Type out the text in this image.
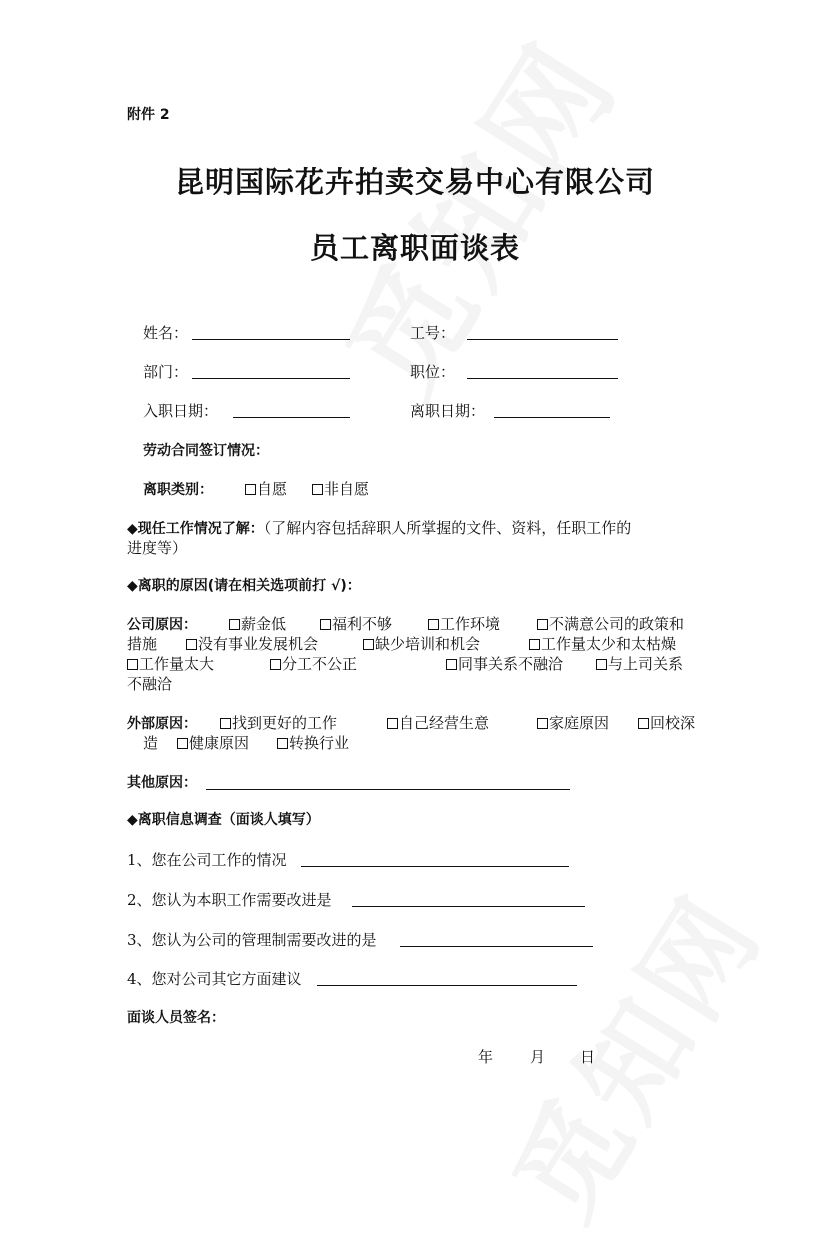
附件 2
昆明国际花卉拍卖交易中心有限公司
员工离职面谈表
姓名：	工号：
部门：	职位：
入职日期：	离职日期：
劳动合同签订情况：
离职类别：	自愿	非自愿
◆现任工作情况了解：（了解内容包括辞职人所掌握的文件、资料，任职工作的
进度等）
◆离职的原因(请在相关选项前打 √)：
公司原因：	薪金低	福利不够	工作环境	不满意公司的政策和
措施	没有事业发展机会	缺少培训和机会	工作量太少和太枯燥
工作量太大	分工不公正	同事关系不融洽	与上司关系
不融洽
外部原因：	找到更好的工作	自己经营生意	家庭原因	回校深
造	健康原因	转换行业
其他原因：
◆离职信息调查（面谈人填写）
1、您在公司工作的情况
2、您认为本职工作需要改进是
3、您认为公司的管理制需要改进的是
4、您对公司其它方面建议
面谈人员签名：
年 月 日
